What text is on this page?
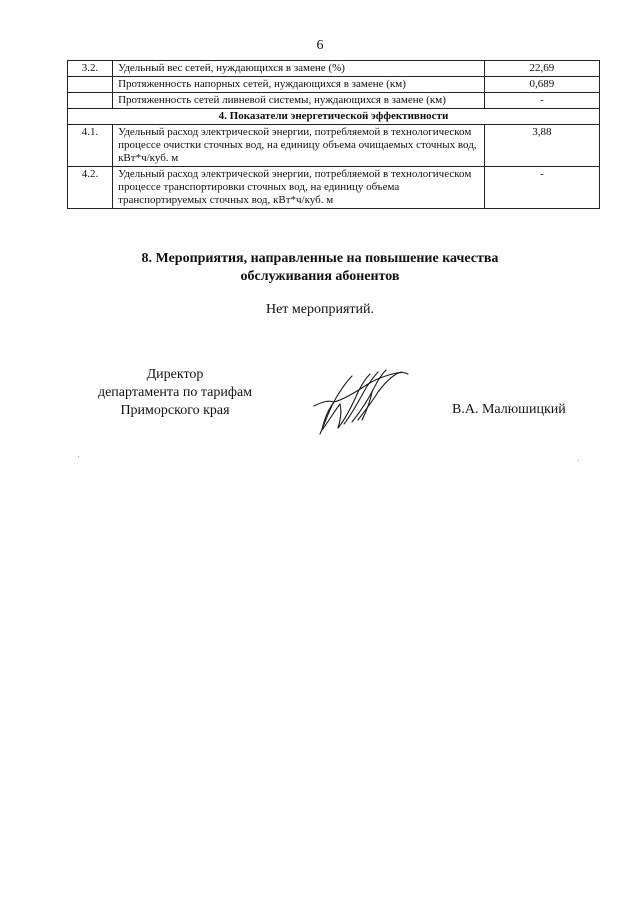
6
3.2.	Удельный вес сетей, нуждающихся в замене (%)	22,69
	Протяженность напорных сетей, нуждающихся в замене (км)	0,689
	Протяженность сетей ливневой системы, нуждающихся в замене (км)	-
4. Показатели энергетической эффективности		
4.1.	Удельный расход электрической энергии, потребляемой в технологическом процессе очистки сточных вод, на единицу объема очищаемых сточных вод, кВт*ч/куб. м	3,88
4.2.	Удельный расход электрической энергии, потребляемой в технологическом процессе транспортировки сточных вод, на единицу объема транспортируемых сточных вод, кВт*ч/куб. м	-
8. Мероприятия, направленные на повышение качества
обслуживания абонентов
Нет мероприятий.
Директор
департамента по тарифам
Приморского края	В.А. Малюшицкий
